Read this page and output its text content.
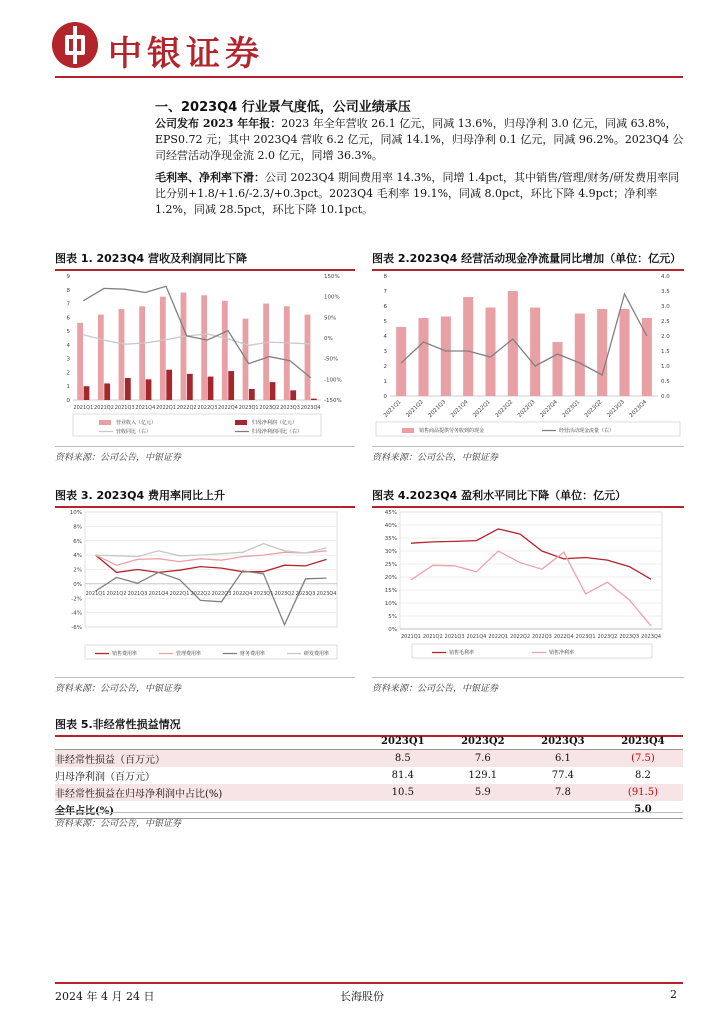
中银证券
一、2023Q4 行业景气度低，公司业绩承压
公司发布 2023 年年报：2023 年全年营收 26.1 亿元，同减 13.6%，归母净利 3.0 亿元，同减 63.8%，EPS0.72 元；其中 2023Q4 营收 6.2 亿元，同减 14.1%，归母净利 0.1 亿元，同减 96.2%。2023Q4 公司经营活动净现金流 2.0 亿元，同增 36.3%。
毛利率、净利率下滑：公司 2023Q4 期间费用率 14.3%，同增 1.4pct，其中销售/管理/财务/研发费用率同比分别+1.8/+1.6/-2.3/+0.3pct。2023Q4 毛利率 19.1%，同减 8.0pct，环比下降 4.9pct；净利率 1.2%，同减 28.5pct，环比下降 10.1pct。
图表 1. 2023Q4 营收及利润同比下降	图表 2.2023Q4 经营活动现金净流量同比增加（单位：亿元）
图表 3. 2023Q4 费用率同比上升	图表 4.2023Q4 盈利水平同比下降（单位：亿元）
图表 5.非经常性损益情况
0
1
2
3
4
5
6
7
8
9
-150%
-100%
-50%
0%
50%
100%
150%
2021Q1 2021Q2 2021Q3 2021Q4 2022Q1 2022Q2 2022Q3 2022Q4 2023Q1 2023Q2 2023Q3 2023Q4
营业收入（亿元）	归母净利润（亿元）
营收同比（右）	归母净利润同比（右）
0
1
2
3
4
5
6
7
8
0.0
0.5
1.0
1.5
2.0
2.5
3.0
3.5
4.0
2021Q1 2021Q2 2021Q3 2021Q4 2022Q1 2022Q2 2022Q3 2022Q4 2023Q1 2023Q2 2023Q3 2023Q4
销售商品提供劳务收到的现金	经营活动现金流量（右）
-6%
-4%
-2%
0%
2%
4%
6%
8%
10%
2021Q1 2021Q2 2021Q3 2021Q4 2022Q1 2022Q2 2022Q3 2022Q4 2023Q1 2023Q2 2023Q3 2023Q4
销售费用率	管理费用率	财务费用率	研发费用率
0%
5%
10%
15%
20%
25%
30%
35%
40%
45%
2021Q1 2021Q2 2021Q3 2021Q4 2022Q1 2022Q2 2022Q3 2022Q4 2023Q1 2023Q2 2023Q3 2023Q4
销售毛利率	销售净利率
资料来源：公司公告，中银证券	资料来源：公司公告，中银证券
资料来源：公司公告，中银证券	资料来源：公司公告，中银证券
	2023Q1	2023Q2	2023Q3	2023Q4
非经常性损益（百万元）	8.5	7.6	6.1	(7.5)
归母净利润（百万元）	81.4	129.1	77.4	8.2
非经常性损益在归母净利润中占比(%)	10.5	5.9	7.8	(91.5)
全年占比(%)				5.0
资料来源：公司公告，中银证券
2024 年 4 月 24 日	长海股份	2
